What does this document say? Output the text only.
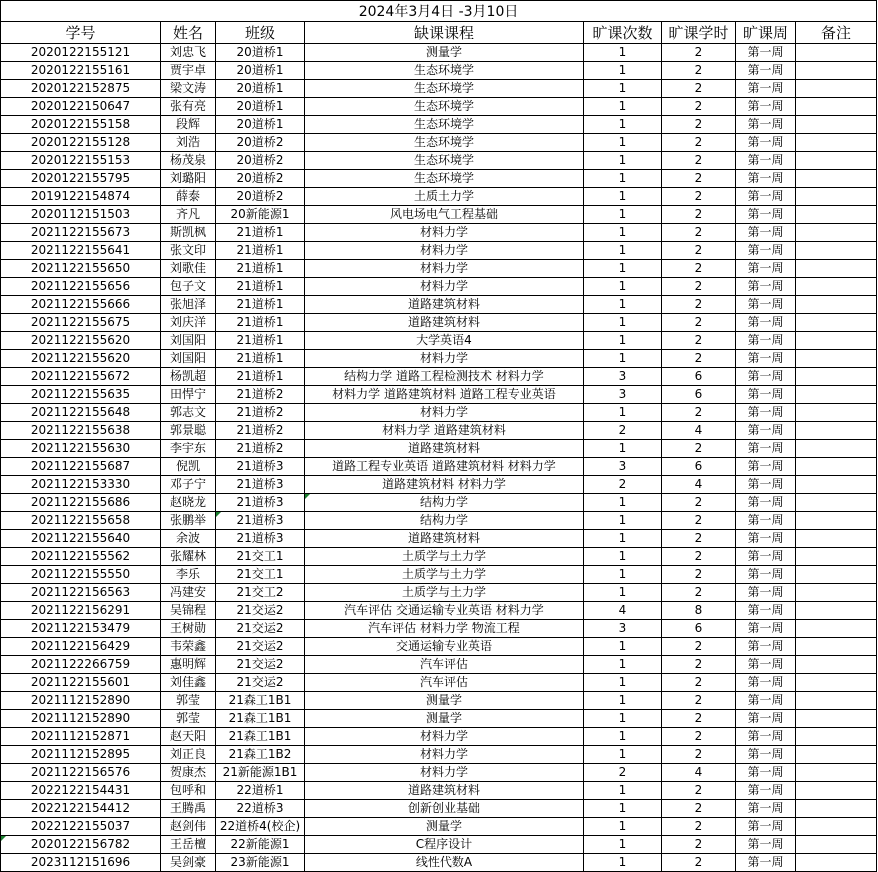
2024年3月4日 -3月10日							
学号	姓名	班级	缺课课程	旷课次数	旷课学时	旷课周	备注
2020122155121	刘忠飞	20道桥1	测量学	1	2	第一周	
2020122155161	贾宇卓	20道桥1	生态环境学	1	2	第一周	
2020122152875	梁文涛	20道桥1	生态环境学	1	2	第一周	
2020122150647	张有亮	20道桥1	生态环境学	1	2	第一周	
2020122155158	段辉	20道桥1	生态环境学	1	2	第一周	
2020122155128	刘浩	20道桥2	生态环境学	1	2	第一周	
2020122155153	杨茂泉	20道桥2	生态环境学	1	2	第一周	
2020122155795	刘璐阳	20道桥2	生态环境学	1	2	第一周	
2019122154874	薛泰	20道桥2	土质土力学	1	2	第一周	
2020112151503	齐凡	20新能源1	风电场电气工程基础	1	2	第一周	
2021122155673	斯凯枫	21道桥1	材料力学	1	2	第一周	
2021122155641	张文印	21道桥1	材料力学	1	2	第一周	
2021122155650	刘歌佳	21道桥1	材料力学	1	2	第一周	
2021122155656	包子文	21道桥1	材料力学	1	2	第一周	
2021122155666	张旭泽	21道桥1	道路建筑材料	1	2	第一周	
2021122155675	刘庆洋	21道桥1	道路建筑材料	1	2	第一周	
2021122155620	刘国阳	21道桥1	大学英语4	1	2	第一周	
2021122155620	刘国阳	21道桥1	材料力学	1	2	第一周	
2021122155672	杨凯超	21道桥1	结构力学 道路工程检测技术 材料力学	3	6	第一周	
2021122155635	田悍宁	21道桥2	材料力学 道路建筑材料 道路工程专业英语	3	6	第一周	
2021122155648	郭志文	21道桥2	材料力学	1	2	第一周	
2021122155638	郭景聪	21道桥2	材料力学 道路建筑材料	2	4	第一周	
2021122155630	李宇东	21道桥2	道路建筑材料	1	2	第一周	
2021122155687	倪凯	21道桥3	道路工程专业英语 道路建筑材料 材料力学	3	6	第一周	
2021122153330	邓子宁	21道桥3	道路建筑材料 材料力学	2	4	第一周	
2021122155686	赵晓龙	21道桥3	结构力学	1	2	第一周	
2021122155658	张鹏举	21道桥3	结构力学	1	2	第一周	
2021122155640	余波	21道桥3	道路建筑材料	1	2	第一周	
2021122155562	张耀林	21交工1	土质学与土力学	1	2	第一周	
2021122155550	李乐	21交工1	土质学与土力学	1	2	第一周	
2021122156563	冯建安	21交工2	土质学与土力学	1	2	第一周	
2021122156291	吴锦程	21交运2	汽车评估 交通运输专业英语 材料力学	4	8	第一周	
2021122153479	王树勋	21交运2	汽车评估 材料力学 物流工程	3	6	第一周	
2021122156429	韦荣鑫	21交运2	交通运输专业英语	1	2	第一周	
2021122266759	惠明辉	21交运2	汽车评估	1	2	第一周	
2021122155601	刘佳鑫	21交运2	汽车评估	1	2	第一周	
2021112152890	郭莹	21森工1B1	测量学	1	2	第一周	
2021112152890	郭莹	21森工1B1	测量学	1	2	第一周	
2021112152871	赵天阳	21森工1B1	材料力学	1	2	第一周	
2021112152895	刘正良	21森工1B2	材料力学	1	2	第一周	
2021122156576	贺康杰	21新能源1B1	材料力学	2	4	第一周	
2022122154431	包呼和	22道桥1	道路建筑材料	1	2	第一周	
2022122154412	王腾禹	22道桥3	创新创业基础	1	2	第一周	
2022122155037	赵剑伟	22道桥4(校企)	测量学	1	2	第一周	
2020122156782	王岳檀	22新能源1	C程序设计	1	2	第一周	
2023112151696	吴剑豪	23新能源1	线性代数A	1	2	第一周	
